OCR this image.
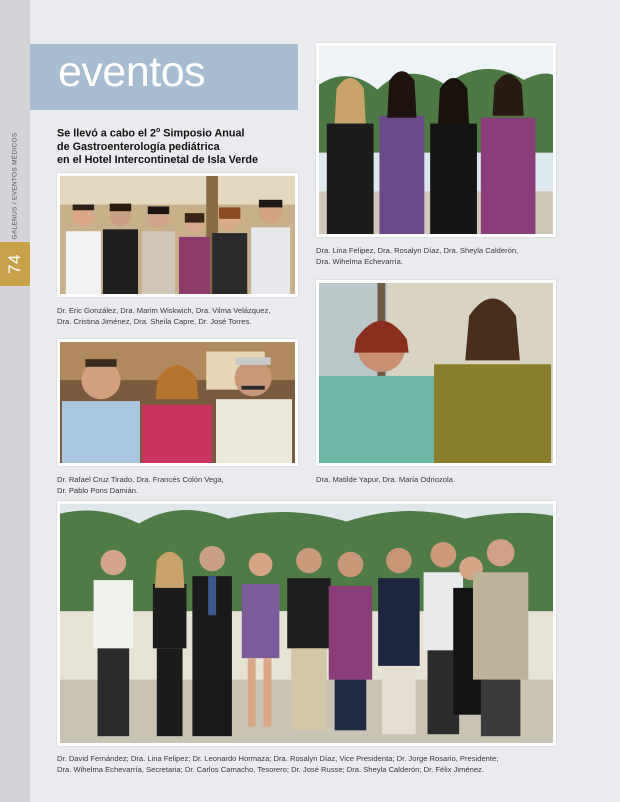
74
GALENUS / EVENTOS MÉDICOS
eventos
Se llevó a cabo el 2$^o$ Simposio Anual
de Gastroenterología pediátrica
en el Hotel Intercontinetal de Isla Verde
Dr. Eric González, Dra. Marim Wiskwich, Dra. Vilma Velázquez,
Dra. Cristina Jiménez, Dra. Sheila Capre, Dr. José Torres.
Dra. Lina Felipez, Dra. Rosalyn Díaz, Dra. Sheyla Calderón,
Dra. Wihelma Echevarría.
Dr. Rafael Cruz Tirado, Dra. Francés Colón Vega,
Dr. Pablo Pons Damián.
Dra. Matilde Yapur, Dra. María Odriozola.
Dr. David Fernández; Dra. Lina Felipez; Dr. Leonardo Hormaza; Dra. Rosalyn Díaz, Vice Presidenta; Dr. Jorge Rosario, Presidente;
Dra. Wihelma Echevarría, Secretaria; Dr. Carlos Camacho, Tesorero; Dr. José Russe; Dra. Sheyla Calderón; Dr. Félix Jiménez.
